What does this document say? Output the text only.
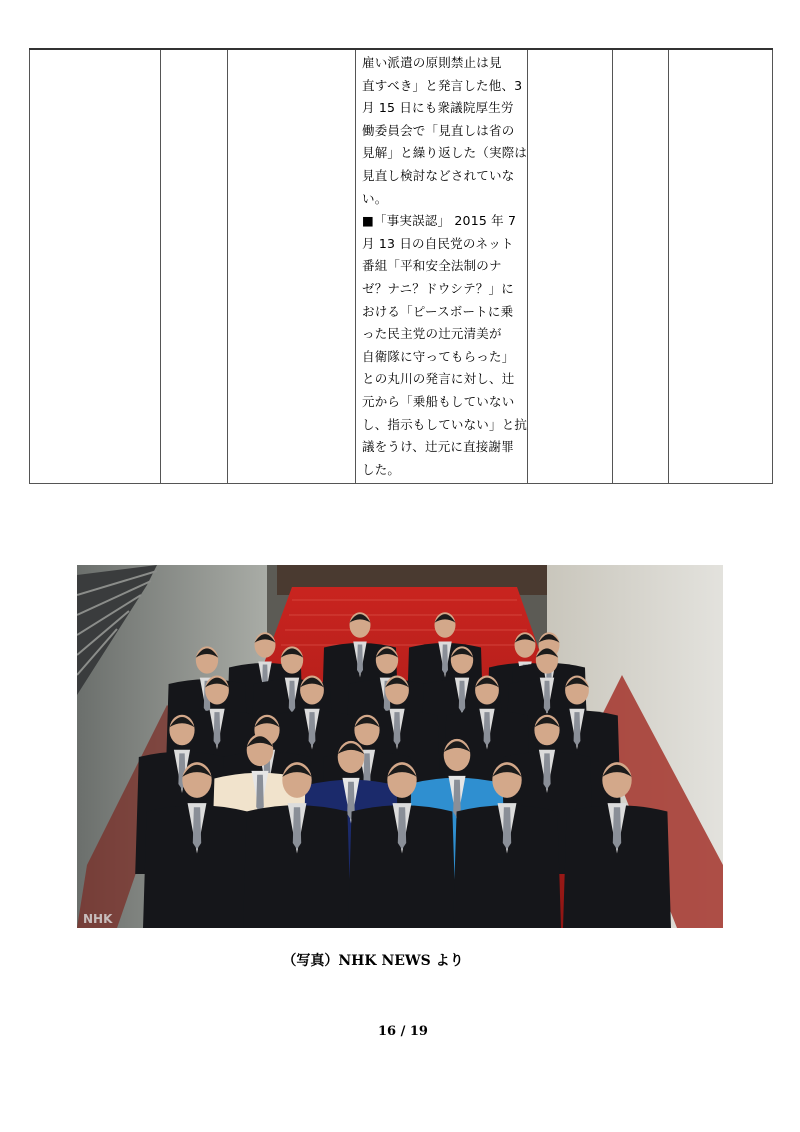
雇い派遣の原則禁止は見
直すべき」と発言した他、3
月 15 日にも衆議院厚生労
働委員会で「見直しは省の
見解」と繰り返した（実際は
見直し検討などされていな
い。
■「事実誤認」 2015 年 7
月 13 日の自民党のネット
番組「平和安全法制のナ
ゼ？ナニ？ドウシテ？」に
おける「ピースボートに乗
った民主党の辻元清美が
自衛隊に守ってもらった」
との丸川の発言に対し、辻
元から「乗船もしていない
し、指示もしていない」と抗
議をうけ、辻元に直接謝罪
した。

NHK
（写真）NHK NEWS より
16 / 19
